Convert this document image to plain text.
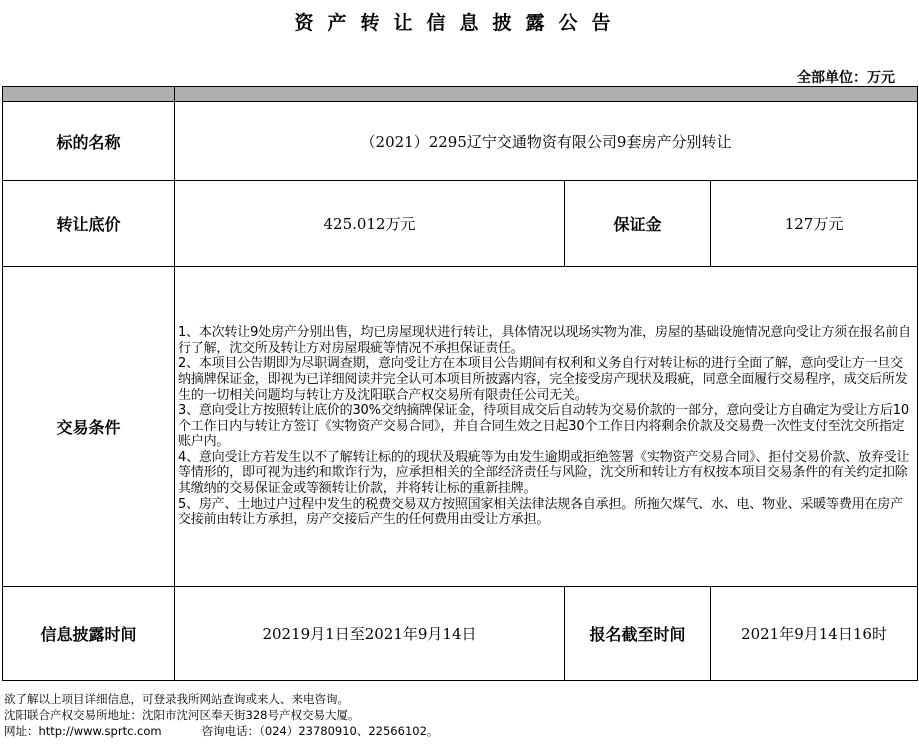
资产转让信息披露公告
全部单位：万元

标的名称	（2021）2295辽宁交通物资有限公司9套房产分别转让		
转让底价	425.012万元	保证金	127万元
交易条件	1、本次转让9处房产分别出售，均已房屋现状进行转让，具体情况以现场实物为准，房屋的基础设施情况意向受让方须在报名前自行了解，沈交所及转让方对房屋瑕疵等情况不承担保证责任。

2、本项目公告期即为尽职调查期，意向受让方在本项目公告期间有权利和义务自行对转让标的进行全面了解，意向受让方一旦交纳摘牌保证金，即视为已详细阅读并完全认可本项目所披露内容，完全接受房产现状及瑕疵，同意全面履行交易程序，成交后所发生的一切相关问题均与转让方及沈阳联合产权交易所有限责任公司无关。

3、意向受让方按照转让底价的30%交纳摘牌保证金，待项目成交后自动转为交易价款的一部分，意向受让方自确定为受让方后10个工作日内与转让方签订《实物资产交易合同》，并自合同生效之日起30个工作日内将剩余价款及交易费一次性支付至沈交所指定账户内。

4、意向受让方若发生以不了解转让标的的现状及瑕疵等为由发生逾期或拒绝签署《实物资产交易合同》、拒付交易价款、放弃受让等情形的，即可视为违约和欺诈行为，应承担相关的全部经济责任与风险，沈交所和转让方有权按本项目交易条件的有关约定扣除其缴纳的交易保证金或等额转让价款，并将转让标的重新挂牌。

5、房产、土地过户过程中发生的税费交易双方按照国家相关法律法规各自承担。所拖欠煤气、水、电、物业、采暖等费用在房产交接前由转让方承担，房产交接后产生的任何费用由受让方承担。		

信息披露时间	20219月1日至2021年9月14日	报名截至时间	2021年9月14日16时
欲了解以上项目详细信息，可登录我所网站查询或来人、来电咨询。
沈阳联合产权交易所地址：沈阳市沈河区奉天街328号产权交易大厦。
网址：http://www.sprtc.com	咨询电话：（024）23780910、22566102。
